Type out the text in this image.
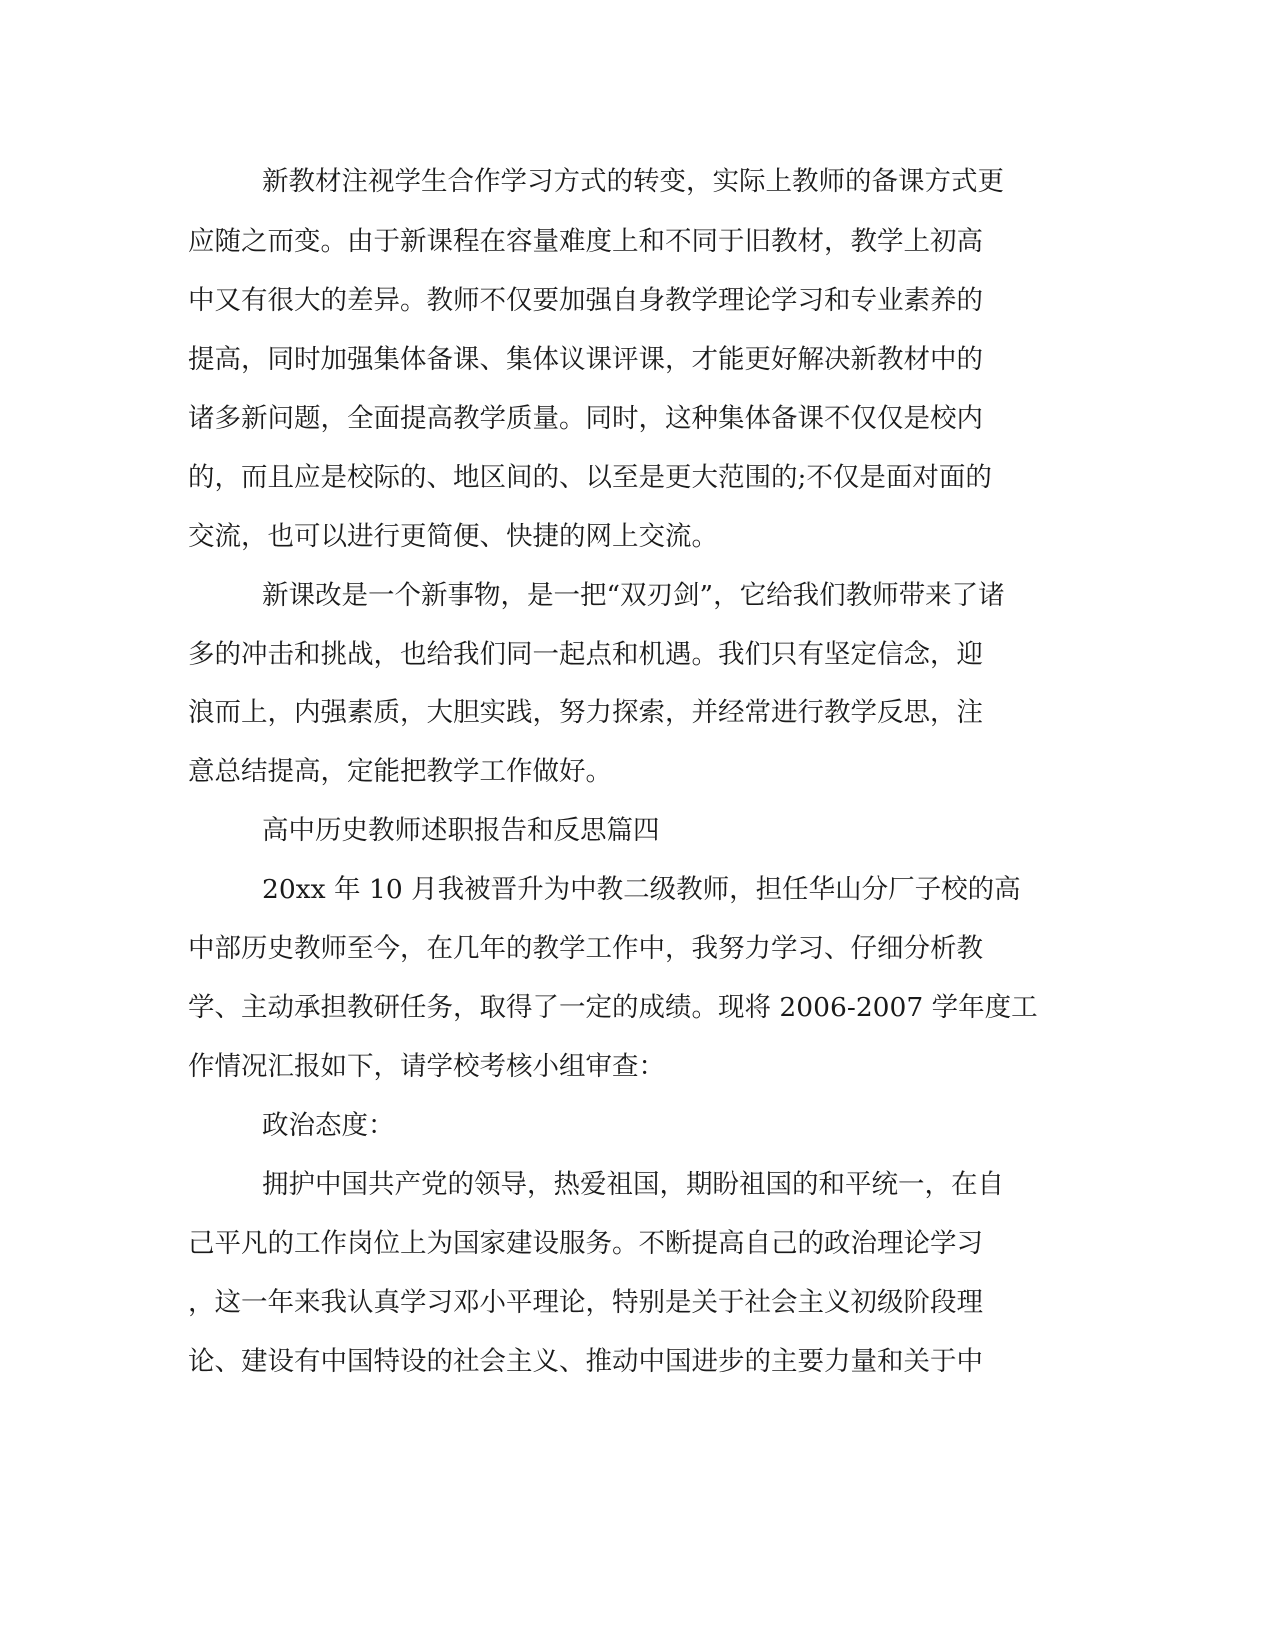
新教材注视学生合作学习方式的转变，实际上教师的备课方式更

应随之而变。由于新课程在容量难度上和不同于旧教材，教学上初高

中又有很大的差异。教师不仅要加强自身教学理论学习和专业素养的

提高，同时加强集体备课、集体议课评课，才能更好解决新教材中的

诸多新问题，全面提高教学质量。同时，这种集体备课不仅仅是校内

的，而且应是校际的、地区间的、以至是更大范围的;不仅是面对面的

交流，也可以进行更简便、快捷的网上交流。

新课改是一个新事物，是一把“双刃剑”，它给我们教师带来了诸

多的冲击和挑战，也给我们同一起点和机遇。我们只有坚定信念，迎

浪而上，内强素质，大胆实践，努力探索，并经常进行教学反思，注

意总结提高，定能把教学工作做好。

高中历史教师述职报告和反思篇四

20xx 年 10 月我被晋升为中教二级教师，担任华山分厂子校的高

中部历史教师至今，在几年的教学工作中，我努力学习、仔细分析教

学、主动承担教研任务，取得了一定的成绩。现将 2006-2007 学年度工

作情况汇报如下，请学校考核小组审查：

政治态度：

拥护中国共产党的领导，热爱祖国，期盼祖国的和平统一，在自

己平凡的工作岗位上为国家建设服务。不断提高自己的政治理论学习

，这一年来我认真学习邓小平理论，特别是关于社会主义初级阶段理

论、建设有中国特设的社会主义、推动中国进步的主要力量和关于中
